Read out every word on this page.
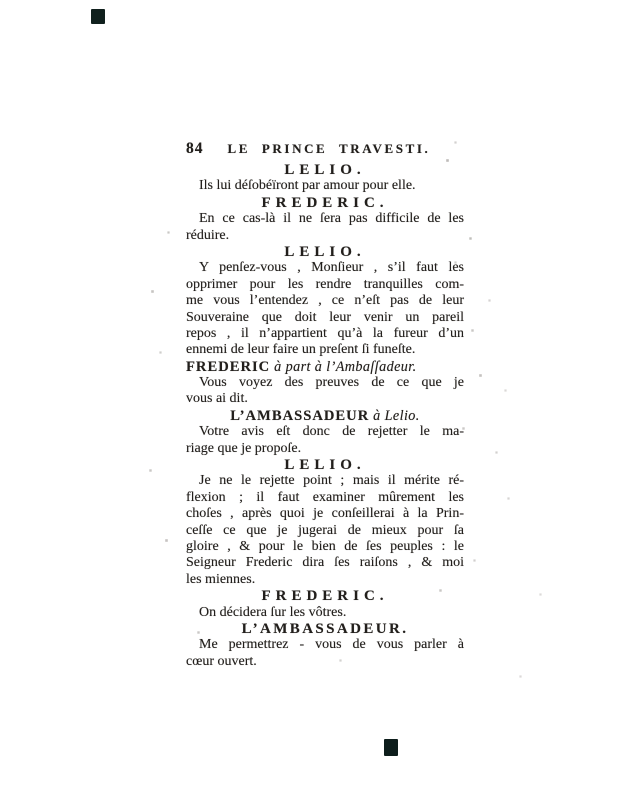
84 LE PRINCE TRAVESTI.
LELIO.
Ils lui déſobéïront par amour pour elle.
FREDERIC.
En ce cas-là il ne ſera pas difficile de les
réduire.
LELIO.
Y penſez-vous , Monſieur , s’il faut les
opprimer pour les rendre tranquilles com-
me vous l’entendez , ce n’eſt pas de leur
Souveraine que doit leur venir un pareil
repos , il n’appartient qu’à la fureur d’un
ennemi de leur faire un preſent ſi funeſte.
FREDERIC à part à l’Ambaſſadeur.
Vous voyez des preuves de ce que je
vous ai dit.
L’AMBASSADEUR à Lelio.
Votre avis eſt donc de rejetter le ma-
riage que je propoſe.
LELIO.
Je ne le rejette point ; mais il mérite ré-
flexion ; il faut examiner mûrement les
choſes , après quoi je conſeillerai à la Prin-
ceſſe ce que je jugerai de mieux pour ſa
gloire , & pour le bien de ſes peuples : le
Seigneur Frederic dira ſes raiſons , & moi
les miennes.
FREDERIC.
On décidera ſur les vôtres.
L’AMBASSADEUR.
Me permettrez - vous de vous parler à
cœur ouvert.
